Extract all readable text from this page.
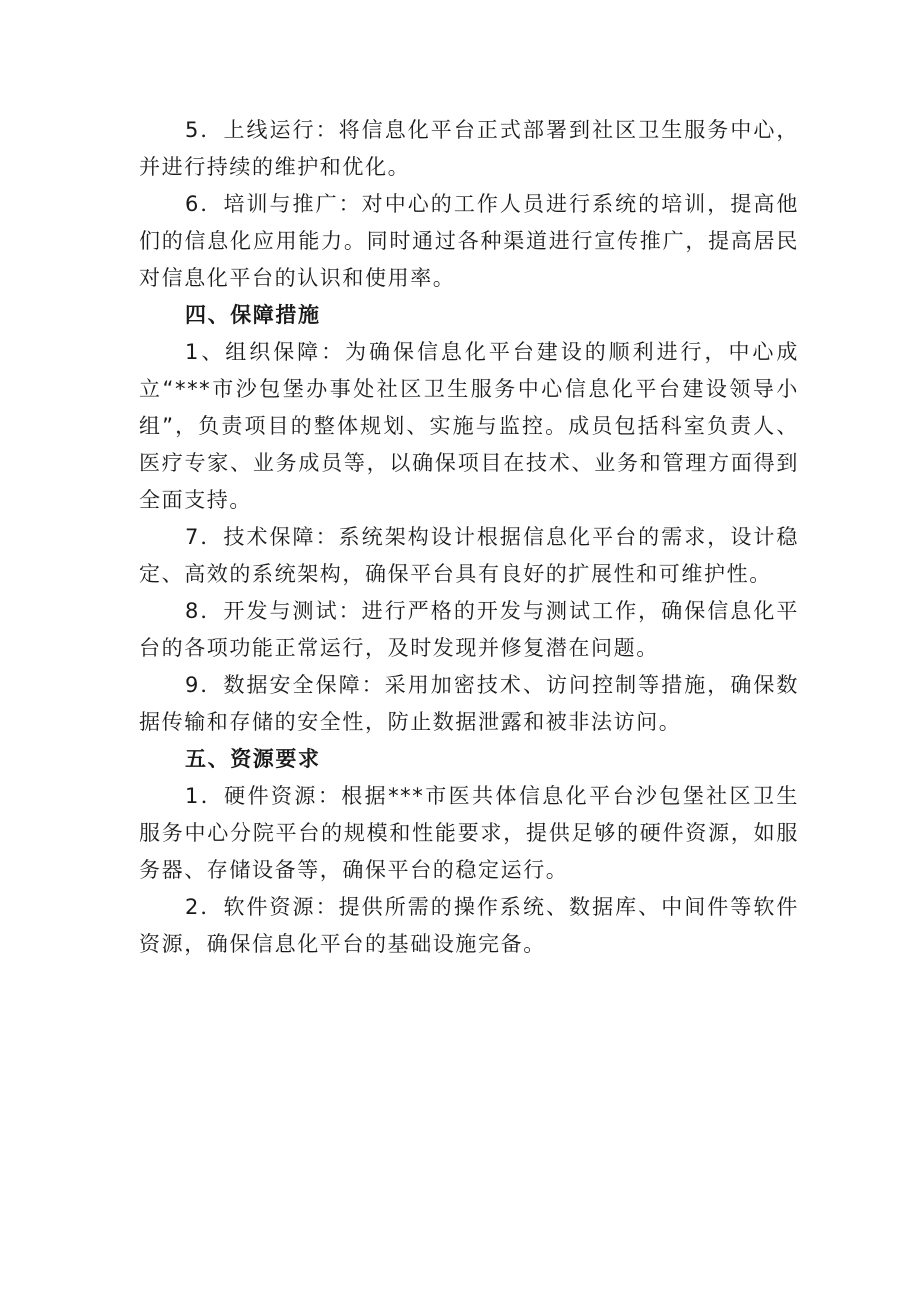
5．上线运行：将信息化平台正式部署到社区卫生服务中心，并进行持续的维护和优化。

6．培训与推广：对中心的工作人员进行系统的培训，提高他们的信息化应用能力。同时通过各种渠道进行宣传推广，提高居民对信息化平台的认识和使用率。

四、保障措施

1、组织保障：为确保信息化平台建设的顺利进行，中心成立“***市沙包堡办事处社区卫生服务中心信息化平台建设领导小组”，负责项目的整体规划、实施与监控。成员包括科室负责人、医疗专家、业务成员等，以确保项目在技术、业务和管理方面得到全面支持。

7．技术保障：系统架构设计根据信息化平台的需求，设计稳定、高效的系统架构，确保平台具有良好的扩展性和可维护性。

8．开发与测试：进行严格的开发与测试工作，确保信息化平台的各项功能正常运行，及时发现并修复潜在问题。

9．数据安全保障：采用加密技术、访问控制等措施，确保数据传输和存储的安全性，防止数据泄露和被非法访问。

五、资源要求

1．硬件资源：根据***市医共体信息化平台沙包堡社区卫生服务中心分院平台的规模和性能要求，提供足够的硬件资源，如服务器、存储设备等，确保平台的稳定运行。

2．软件资源：提供所需的操作系统、数据库、中间件等软件资源，确保信息化平台的基础设施完备。
